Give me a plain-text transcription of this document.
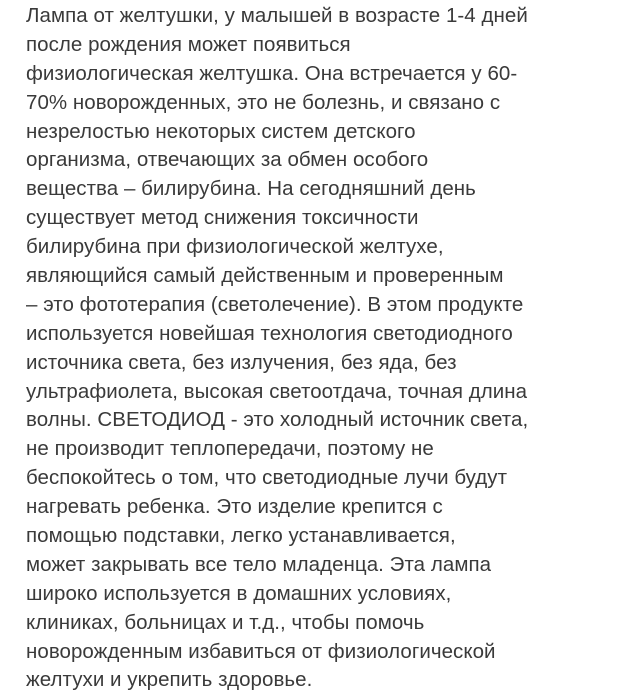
Лампа от желтушки, у малышей в возрасте 1-4 дней
после рождения может появиться
физиологическая желтушка. Она встречается у 60-
70% новорожденных, это не болезнь, и связано с
незрелостью некоторых систем детского
организма, отвечающих за обмен особого
вещества – билирубина. На сегодняшний день
существует метод снижения токсичности
билирубина при физиологической желтухе,
являющийся самый действенным и проверенным
– это фототерапия (светолечение). В этом продукте
используется новейшая технология светодиодного
источника света, без излучения, без яда, без
ультрафиолета, высокая светоотдача, точная длина
волны. СВЕТОДИОД - это холодный источник света,
не производит теплопередачи, поэтому не
беспокойтесь о том, что светодиодные лучи будут
нагревать ребенка. Это изделие крепится с
помощью подставки, легко устанавливается,
может закрывать все тело младенца. Эта лампа
широко используется в домашних условиях,
клиниках, больницах и т.д., чтобы помочь
новорожденным избавиться от физиологической
желтухи и укрепить здоровье.
